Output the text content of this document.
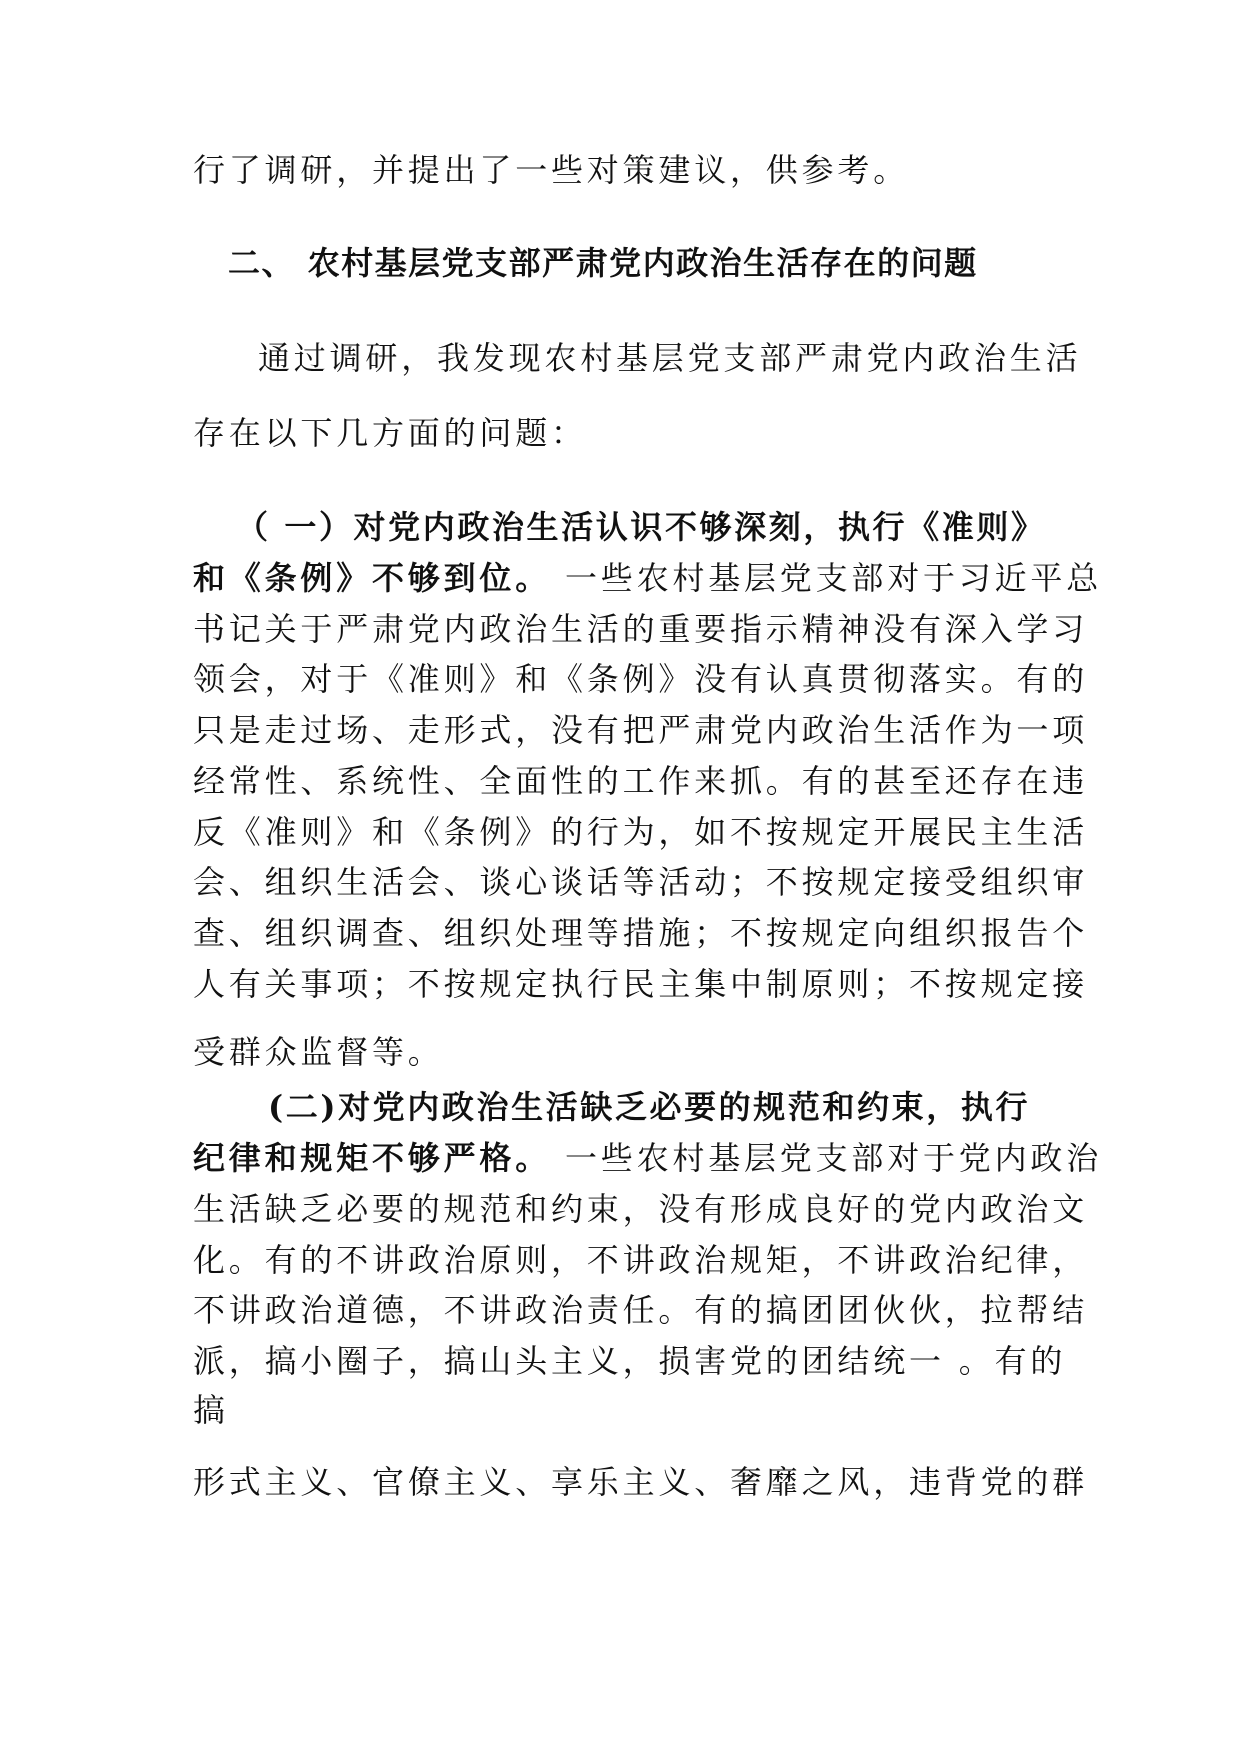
行了调研，并提出了一些对策建议，供参考。
二、 农村基层党支部严肃党内政治生活存在的问题
通过调研，我发现农村基层党支部严肃党内政治生活
存在以下几方面的问题：
（ 一）对党内政治生活认识不够深刻，执行《准则》
和《条例》不够到位。 一些农村基层党支部对于习近平总
书记关于严肃党内政治生活的重要指示精神没有深入学习
领会，对于《准则》和《条例》没有认真贯彻落实。有的
只是走过场、走形式，没有把严肃党内政治生活作为一项
经常性、系统性、全面性的工作来抓。有的甚至还存在违
反《准则》和《条例》的行为，如不按规定开展民主生活
会、组织生活会、谈心谈话等活动；不按规定接受组织审
查、组织调查、组织处理等措施；不按规定向组织报告个
人有关事项；不按规定执行民主集中制原则；不按规定接
受群众监督等。
(二)对党内政治生活缺乏必要的规范和约束，执行
纪律和规矩不够严格。 一些农村基层党支部对于党内政治
生活缺乏必要的规范和约束，没有形成良好的党内政治文
化。有的不讲政治原则，不讲政治规矩，不讲政治纪律，
不讲政治道德，不讲政治责任。有的搞团团伙伙，拉帮结
派，搞小圈子，搞山头主义，损害党的团结统一 。有的
搞
形式主义、官僚主义、享乐主义、奢靡之风，违背党的群
